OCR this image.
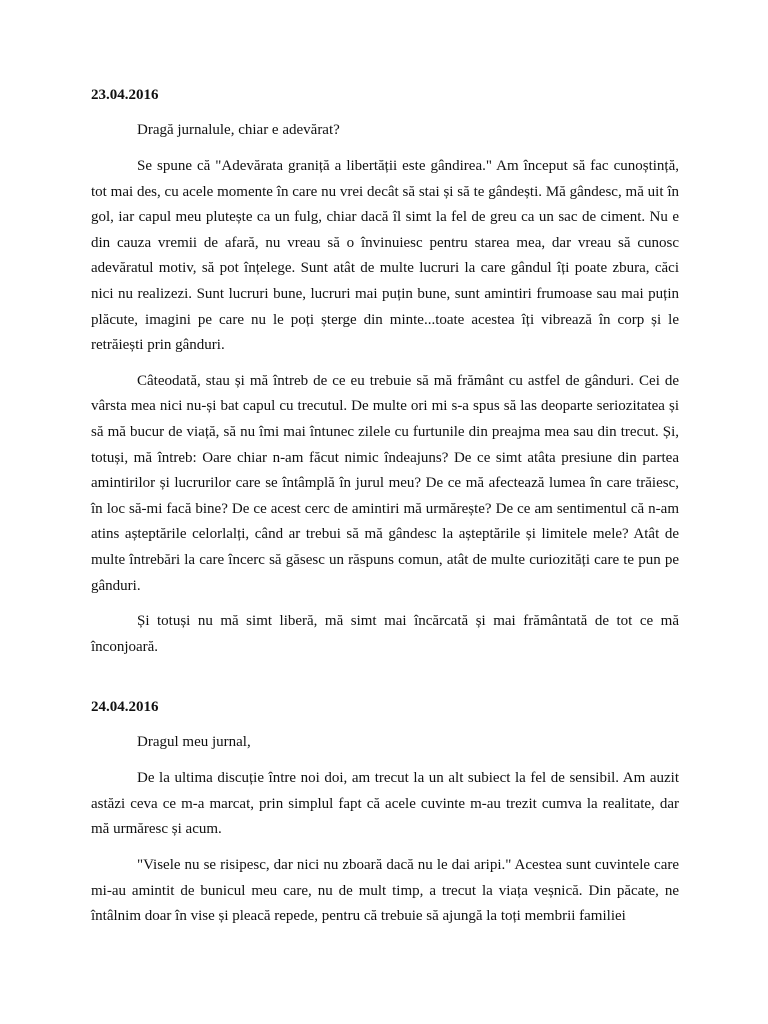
23.04.2016

Dragă jurnalule, chiar e adevărat?

Se spune că "Adevărata graniță a libertății este gândirea." Am început să fac cunoștință, tot mai des, cu acele momente în care nu vrei decât să stai și să te gândești. Mă gândesc, mă uit în gol, iar capul meu plutește ca un fulg, chiar dacă îl simt la fel de greu ca un sac de ciment. Nu e din cauza vremii de afară, nu vreau să o învinuiesc pentru starea mea, dar vreau să cunosc adevăratul motiv, să pot înțelege. Sunt atât de multe lucruri la care gândul îți poate zbura, căci nici nu realizezi. Sunt lucruri bune, lucruri mai puțin bune, sunt amintiri frumoase sau mai puțin plăcute, imagini pe care nu le poți șterge din minte...toate acestea îți vibrează în corp și le retrăiești prin gânduri.

Câteodată, stau și mă întreb de ce eu trebuie să mă frământ cu astfel de gânduri. Cei de vârsta mea nici nu-și bat capul cu trecutul. De multe ori mi s-a spus să las deoparte seriozitatea și să mă bucur de viață, să nu îmi mai întunec zilele cu furtunile din preajma mea sau din trecut. Și, totuși, mă întreb: Oare chiar n-am făcut nimic îndeajuns? De ce simt atâta presiune din partea amintirilor și lucrurilor care se întâmplă în jurul meu? De ce mă afectează lumea în care trăiesc, în loc să-mi facă bine? De ce acest cerc de amintiri mă urmărește? De ce am sentimentul că n-am atins așteptările celorlalți, când ar trebui să mă gândesc la așteptările și limitele mele? Atât de multe întrebări la care încerc să găsesc un răspuns comun, atât de multe curiozități care te pun pe gânduri.

Și totuși nu mă simt liberă, mă simt mai încărcată și mai frământată de tot ce mă înconjoară.

24.04.2016

Dragul meu jurnal,

De la ultima discuție între noi doi, am trecut la un alt subiect la fel de sensibil. Am auzit astăzi ceva ce m-a marcat, prin simplul fapt că acele cuvinte m-au trezit cumva la realitate, dar mă urmăresc și acum.

"Visele nu se risipesc, dar nici nu zboară dacă nu le dai aripi." Acestea sunt cuvintele care mi-au amintit de bunicul meu care, nu de mult timp, a trecut la viața veșnică. Din păcate, ne întâlnim doar în vise și pleacă repede, pentru că trebuie să ajungă la toți membrii familiei
